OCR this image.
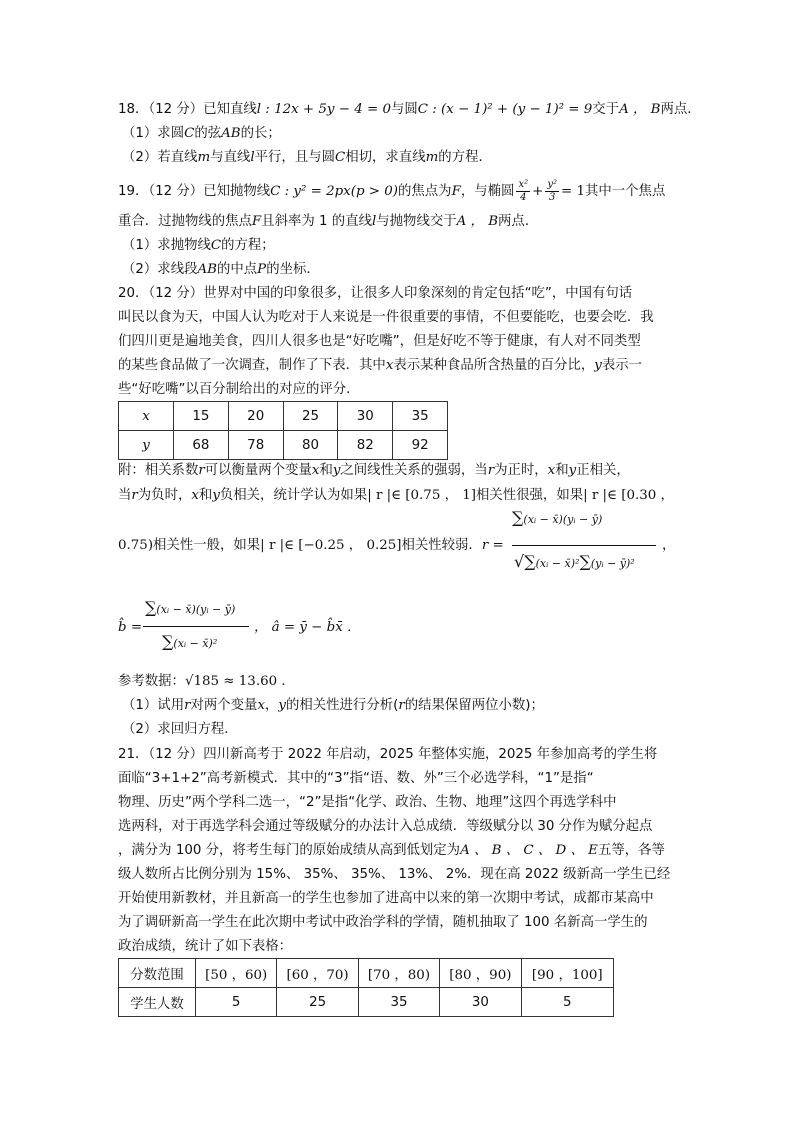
18．（12 分）已知直线l : 12x + 5y − 4 = 0与圆C : (x − 1)² + (y − 1)² = 9交于A ， B两点．
（1）求圆C的弦AB的长；
（2）若直线m与直线l平行，且与圆C相切，求直线m的方程．
19．（12 分）已知抛物线C : y² = 2px(p > 0)的焦点为F，与椭圆 $\frac{\text{x²}}{4} + \frac{\text{y²}}{3} = 1$其中一个焦点
重合．过抛物线的焦点F且斜率为 1 的直线l与抛物线交于A ， B两点．
（1）求抛物线C的方程；
（2）求线段AB的中点P的坐标．
20．（12 分）世界对中国的印象很多，让很多人印象深刻的肯定包括“吃”，中国有句话
叫民以食为天，中国人认为吃对于人来说是一件很重要的事情，不但要能吃，也要会吃．我
们四川更是遍地美食，四川人很多也是“好吃嘴”，但是好吃不等于健康，有人对不同类型
的某些食品做了一次调查，制作了下表．其中x表示某种食品所含热量的百分比，y表示一
些“好吃嘴”以百分制给出的对应的评分．
x	15	20	25	30	35
y	68	78	80	82	92
附：相关系数r可以衡量两个变量x和y之间线性关系的强弱，当r为正时，x和y正相关，
当r为负时，x和y负相关，统计学认为如果| r |∈ [0.75 ， 1]相关性很强，如果| r |∈ [0.30 ，
0.75)相关性一般，如果| r |∈ [−0.25 ， 0.25]相关性较弱．r =
∑(xᵢ − x̄)(yᵢ − ȳ)
√∑(xᵢ − x̄)²∑(yᵢ − ȳ)²
，
b̂ =
∑(xᵢ − x̄)(yᵢ − ȳ)
∑(xᵢ − x̄)²
， â = ȳ − b̂x̄ ．
参考数据：√185 ≈ 13.60 ．
（1）试用r对两个变量x，y的相关性进行分析(r的结果保留两位小数)；
（2）求回归方程．
21．（12 分）四川新高考于 2022 年启动，2025 年整体实施，2025 年参加高考的学生将
面临“3+1+2”高考新模式．其中的“3”指“语、数、外”三个必选学科，“1”是指“
物理、历史”两个学科二选一，“2”是指“化学、政治、生物、地理”这四个再选学科中
选两科，对于再选学科会通过等级赋分的办法计入总成绩．等级赋分以 30 分作为赋分起点
，满分为 100 分，将考生每门的原始成绩从高到低划定为A 、 B 、 C 、 D 、 E五等，各等
级人数所占比例分别为 15%、 35%、 35%、 13%、 2%．现在高 2022 级新高一学生已经
开始使用新教材，并且新高一的学生也参加了进高中以来的第一次期中考试，成都市某高中
为了调研新高一学生在此次期中考试中政治学科的学情，随机抽取了 100 名新高一学生的
政治成绩，统计了如下表格：
分数范围	[50 ，60)	[60 ，70)	[70 ，80)	[80 ，90)	[90 ，100]
学生人数	5	25	35	30	5
